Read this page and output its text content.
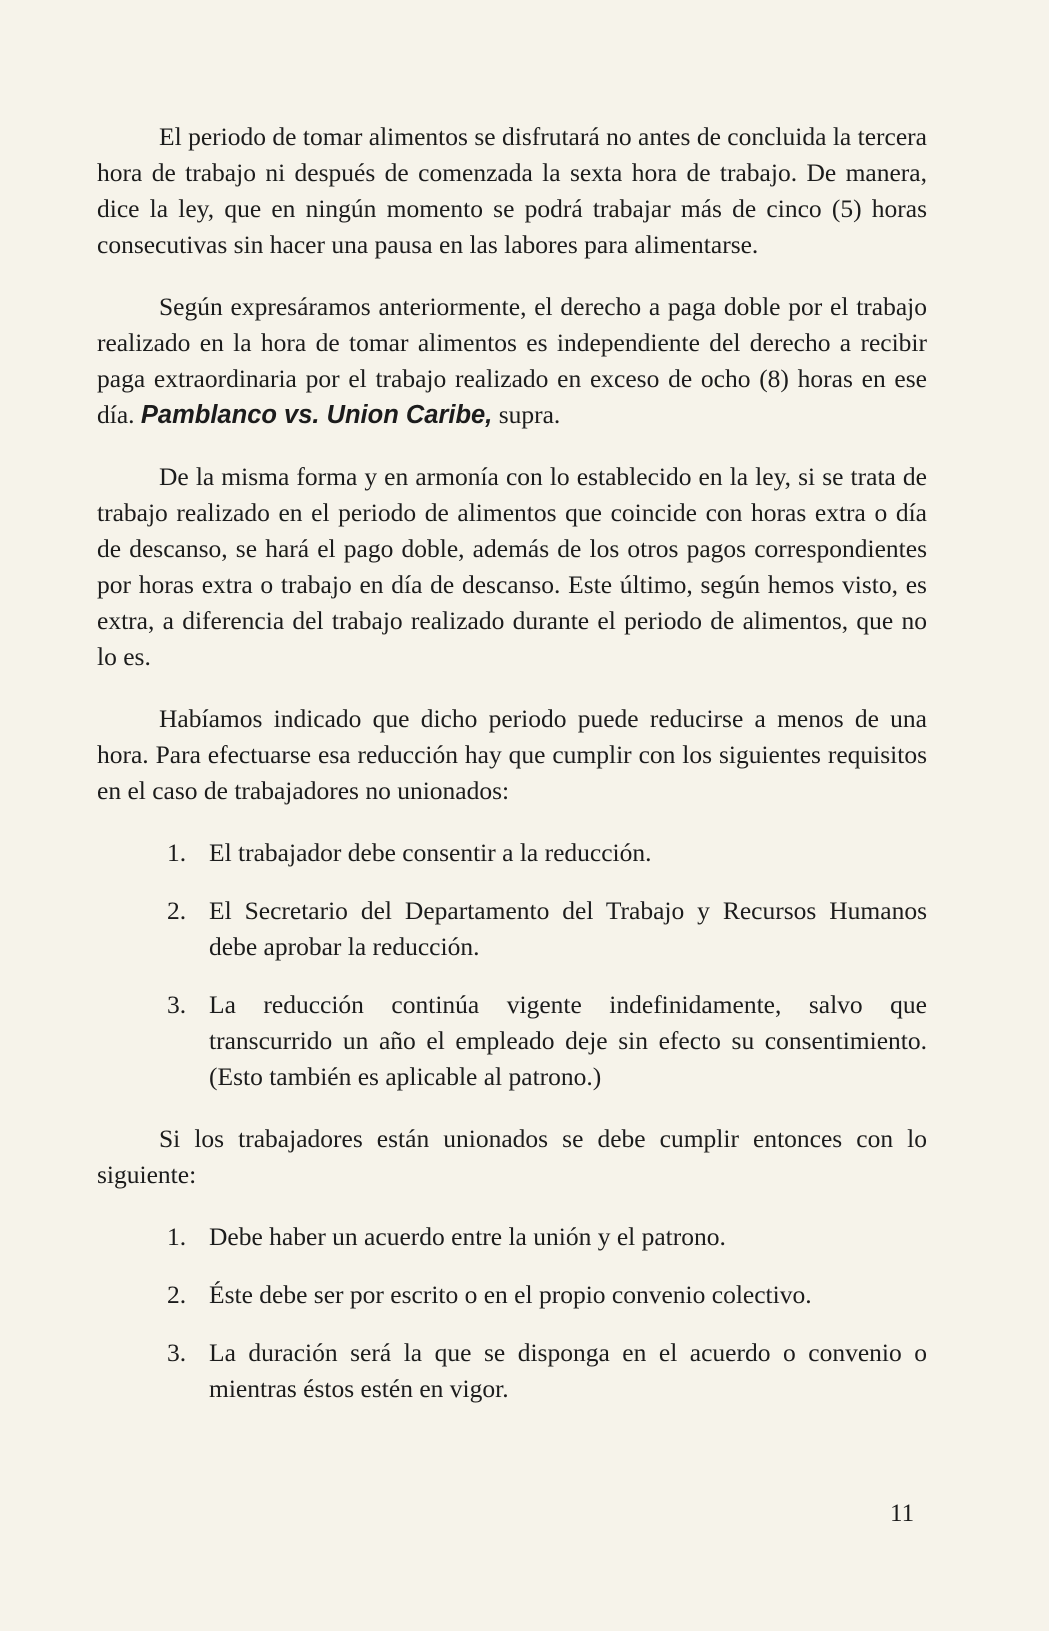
El periodo de tomar alimentos se disfrutará no antes de concluida la tercera hora de trabajo ni después de comenzada la sexta hora de trabajo. De manera, dice la ley, que en ningún momento se podrá trabajar más de cinco (5) horas consecutivas sin hacer una pausa en las labores para alimentarse.

Según expresáramos anteriormente, el derecho a paga doble por el trabajo realizado en la hora de tomar alimentos es independiente del derecho a recibir paga extraordinaria por el trabajo realizado en exceso de ocho (8) horas en ese día. Pamblanco vs. Union Caribe, supra.

De la misma forma y en armonía con lo establecido en la ley, si se trata de trabajo realizado en el periodo de alimentos que coincide con horas extra o día de descanso, se hará el pago doble, además de los otros pagos correspondientes por horas extra o trabajo en día de descanso. Este último, según hemos visto, es extra, a diferencia del trabajo realizado durante el periodo de alimentos, que no lo es.

Habíamos indicado que dicho periodo puede reducirse a menos de una hora. Para efectuarse esa reducción hay que cumplir con los siguientes requisitos en el caso de trabajadores no unionados:

1. El trabajador debe consentir a la reducción.
2. El Secretario del Departamento del Trabajo y Recursos Humanos debe aprobar la reducción.
3. La reducción continúa vigente indefinidamente, salvo que transcurrido un año el empleado deje sin efecto su consentimiento. (Esto también es aplicable al patrono.)

Si los trabajadores están unionados se debe cumplir entonces con lo siguiente:

1. Debe haber un acuerdo entre la unión y el patrono.
2. Éste debe ser por escrito o en el propio convenio colectivo.
3. La duración será la que se disponga en el acuerdo o convenio o mientras éstos estén en vigor.
11
